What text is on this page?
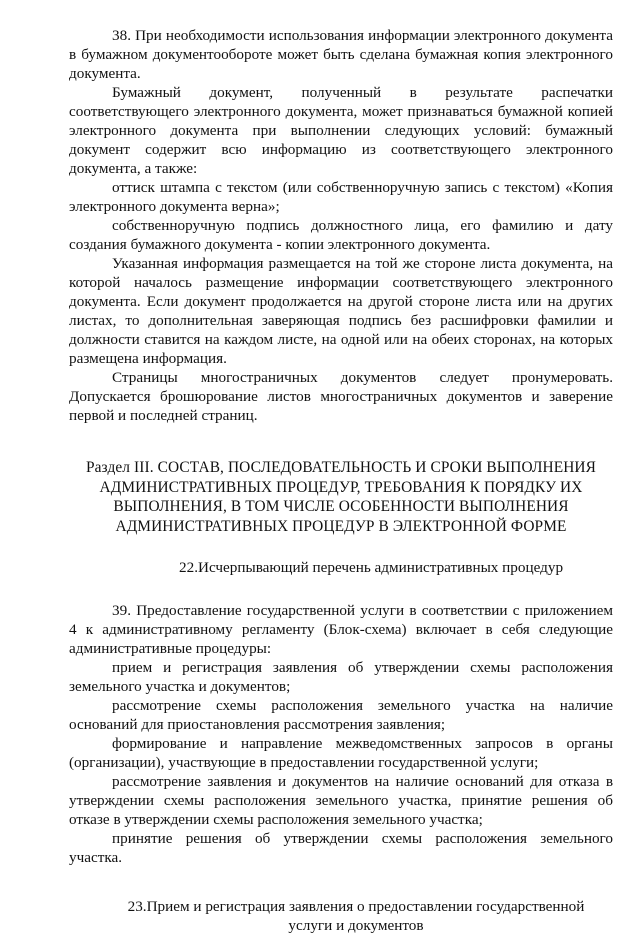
38. При необходимости использования информации электронного документа в бумажном документообороте может быть сделана бумажная копия электронного документа.

Бумажный документ, полученный в результате распечатки соответствующего электронного документа, может признаваться бумажной копией электронного документа при выполнении следующих условий: бумажный документ содержит всю информацию из соответствующего электронного документа, а также:

оттиск штампа с текстом (или собственноручную запись с текстом) «Копия электронного документа верна»;

собственноручную подпись должностного лица, его фамилию и дату создания бумажного документа - копии электронного документа.

Указанная информация размещается на той же стороне листа документа, на которой началось размещение информации соответствующего электронного документа. Если документ продолжается на другой стороне листа или на других листах, то дополнительная заверяющая подпись без расшифровки фамилии и должности ставится на каждом листе, на одной или на обеих сторонах, на которых размещена информация.

Страницы многостраничных документов следует пронумеровать. Допускается брошюрование листов многостраничных документов и заверение первой и последней страниц.

Раздел III. СОСТАВ, ПОСЛЕДОВАТЕЛЬНОСТЬ И СРОКИ ВЫПОЛНЕНИЯ АДМИНИСТРАТИВНЫХ ПРОЦЕДУР, ТРЕБОВАНИЯ К ПОРЯДКУ ИХ ВЫПОЛНЕНИЯ, В ТОМ ЧИСЛЕ ОСОБЕННОСТИ ВЫПОЛНЕНИЯ АДМИНИСТРАТИВНЫХ ПРОЦЕДУР В ЭЛЕКТРОННОЙ ФОРМЕ

22.Исчерпывающий перечень административных процедур

39. Предоставление государственной услуги в соответствии с приложением 4 к административному регламенту (Блок-схема) включает в себя следующие административные процедуры:

прием и регистрация заявления об утверждении схемы расположения земельного участка и документов;

рассмотрение схемы расположения земельного участка на наличие оснований для приостановления рассмотрения заявления;

формирование и направление межведомственных запросов в органы (организации), участвующие в предоставлении государственной услуги;

рассмотрение заявления и документов на наличие оснований для отказа в утверждении схемы расположения земельного участка, принятие решения об отказе в утверждении схемы расположения земельного участка;

принятие решения об утверждении схемы расположения земельного участка.

23.Прием и регистрация заявления о предоставлении государственной
услуги и документов
